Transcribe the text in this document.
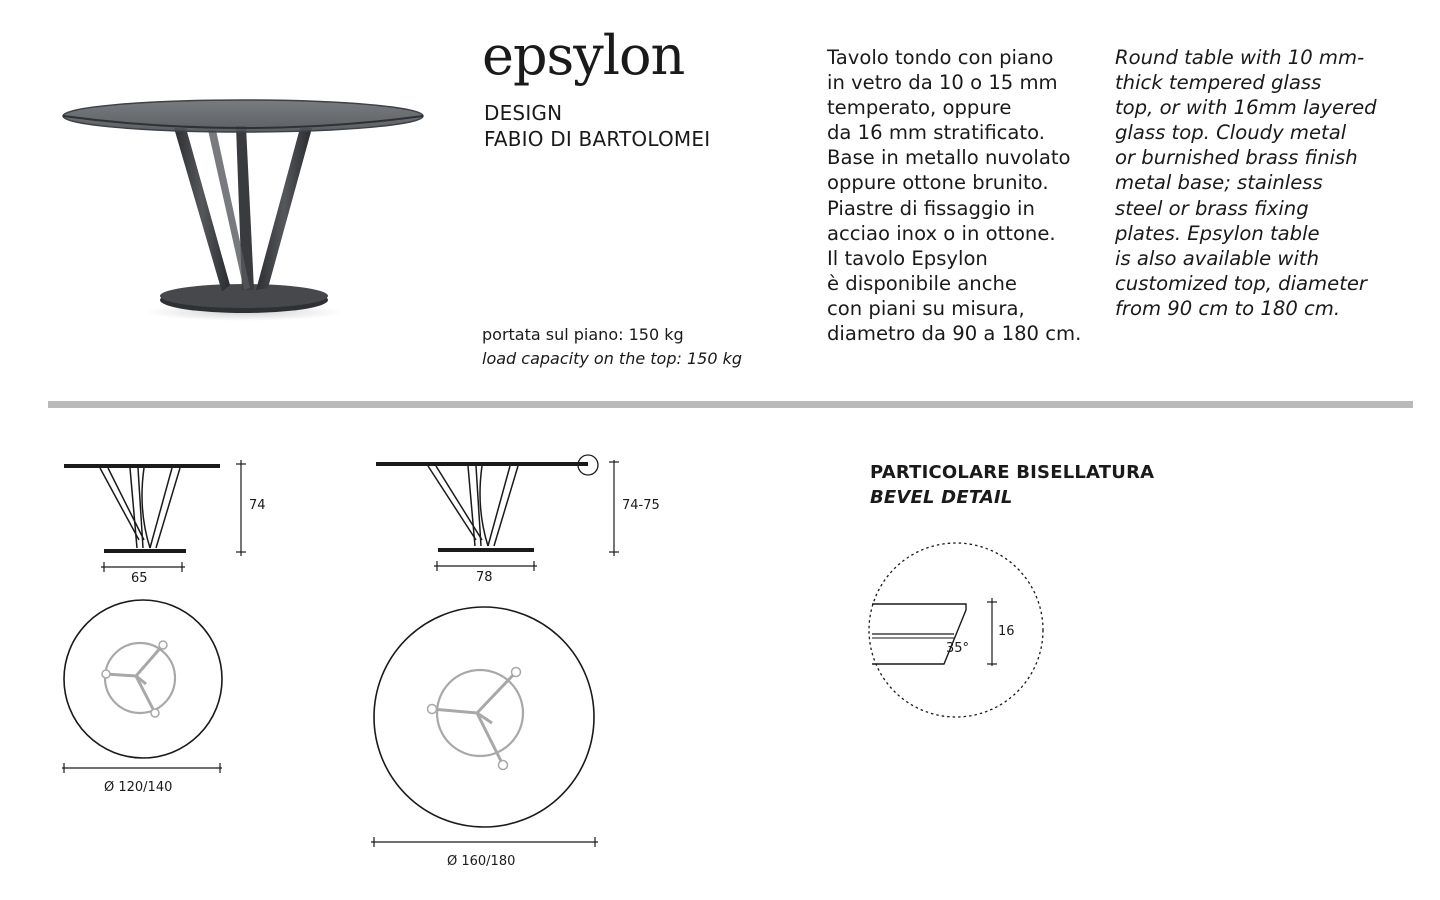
epsylon
DESIGN
FABIO DI BARTOLOMEI

Tavolo tondo con piano
in vetro da 10 o 15 mm
temperato, oppure
da 16 mm stratificato.
Base in metallo nuvolato
oppure ottone brunito.
Piastre di fissaggio in
acciao inox o in ottone.
Il tavolo Epsylon
è disponibile anche
con piani su misura,
diametro da 90 a 180 cm.

Round table with 10 mm-
thick tempered glass
top, or with 16mm layered
glass top. Cloudy metal
or burnished brass finish
metal base; stainless
steel or brass fixing
plates. Epsylon table
is also available with
customized top, diameter
from 90 cm to 180 cm.

portata sul piano: 150 kg
load capacity on the top: 150 kg
74
65
Ø 120/140
74-75
78
Ø 160/180
PARTICOLARE BISELLATURA
BEVEL DETAIL
16
35°
